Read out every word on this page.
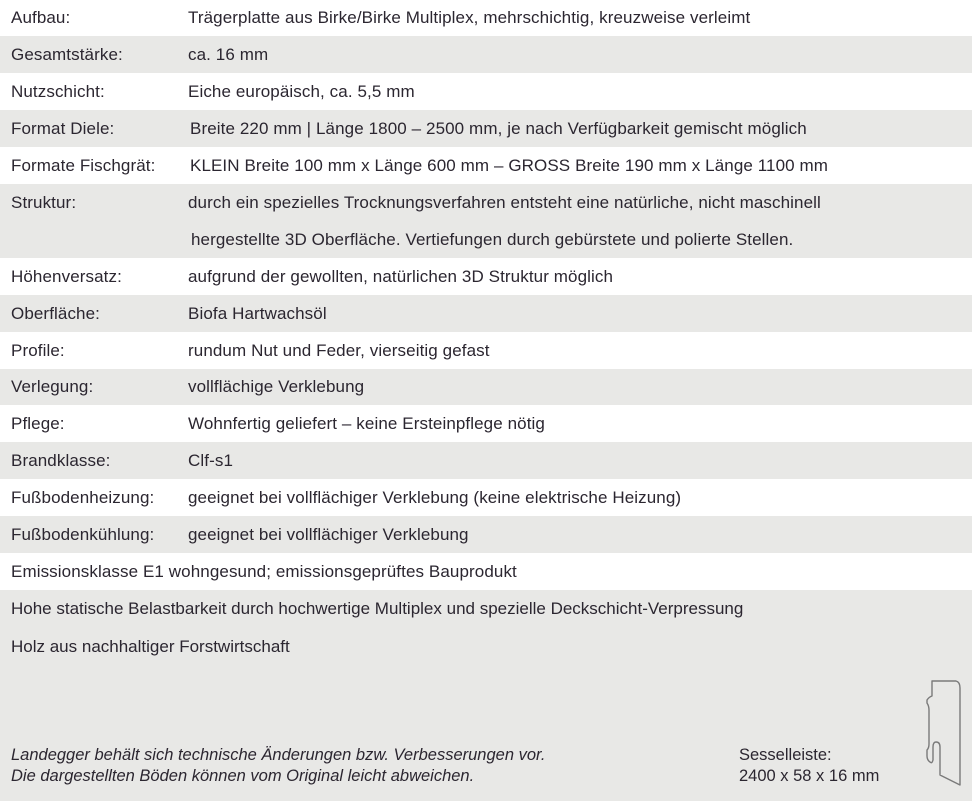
Aufbau:	Trägerplatte aus Birke/Birke Multiplex, mehrschichtig, kreuzweise verleimt
Gesamtstärke:	ca. 16 mm
Nutzschicht:	Eiche europäisch, ca. 5,5 mm
Format Diele:	Breite 220 mm | Länge 1800 – 2500 mm, je nach Verfügbarkeit gemischt möglich
Formate Fischgrät:	KLEIN Breite 100 mm x Länge 600 mm – GROSS Breite 190 mm x Länge 1100 mm
Struktur:	durch ein spezielles Trocknungsverfahren entsteht eine natürliche, nicht maschinell
hergestellte 3D Oberfläche. Vertiefungen durch gebürstete und polierte Stellen.
Höhenversatz:	aufgrund der gewollten, natürlichen 3D Struktur möglich
Oberfläche:	Biofa Hartwachsöl
Profile:	rundum Nut und Feder, vierseitig gefast
Verlegung:	vollflächige Verklebung
Pflege:	Wohnfertig geliefert – keine Ersteinpflege nötig
Brandklasse:	Clf-s1
Fußbodenheizung:	geeignet bei vollflächiger Verklebung (keine elektrische Heizung)
Fußbodenkühlung:	geeignet bei vollflächiger Verklebung
Emissionsklasse E1 wohngesund; emissionsgeprüftes Bauprodukt
Hohe statische Belastbarkeit durch hochwertige Multiplex und spezielle Deckschicht-Verpressung
Holz aus nachhaltiger Forstwirtschaft
Landegger behält sich technische Änderungen bzw. Verbesserungen vor.
Die dargestellten Böden können vom Original leicht abweichen.
Sesselleiste:
2400 x 58 x 16 mm
